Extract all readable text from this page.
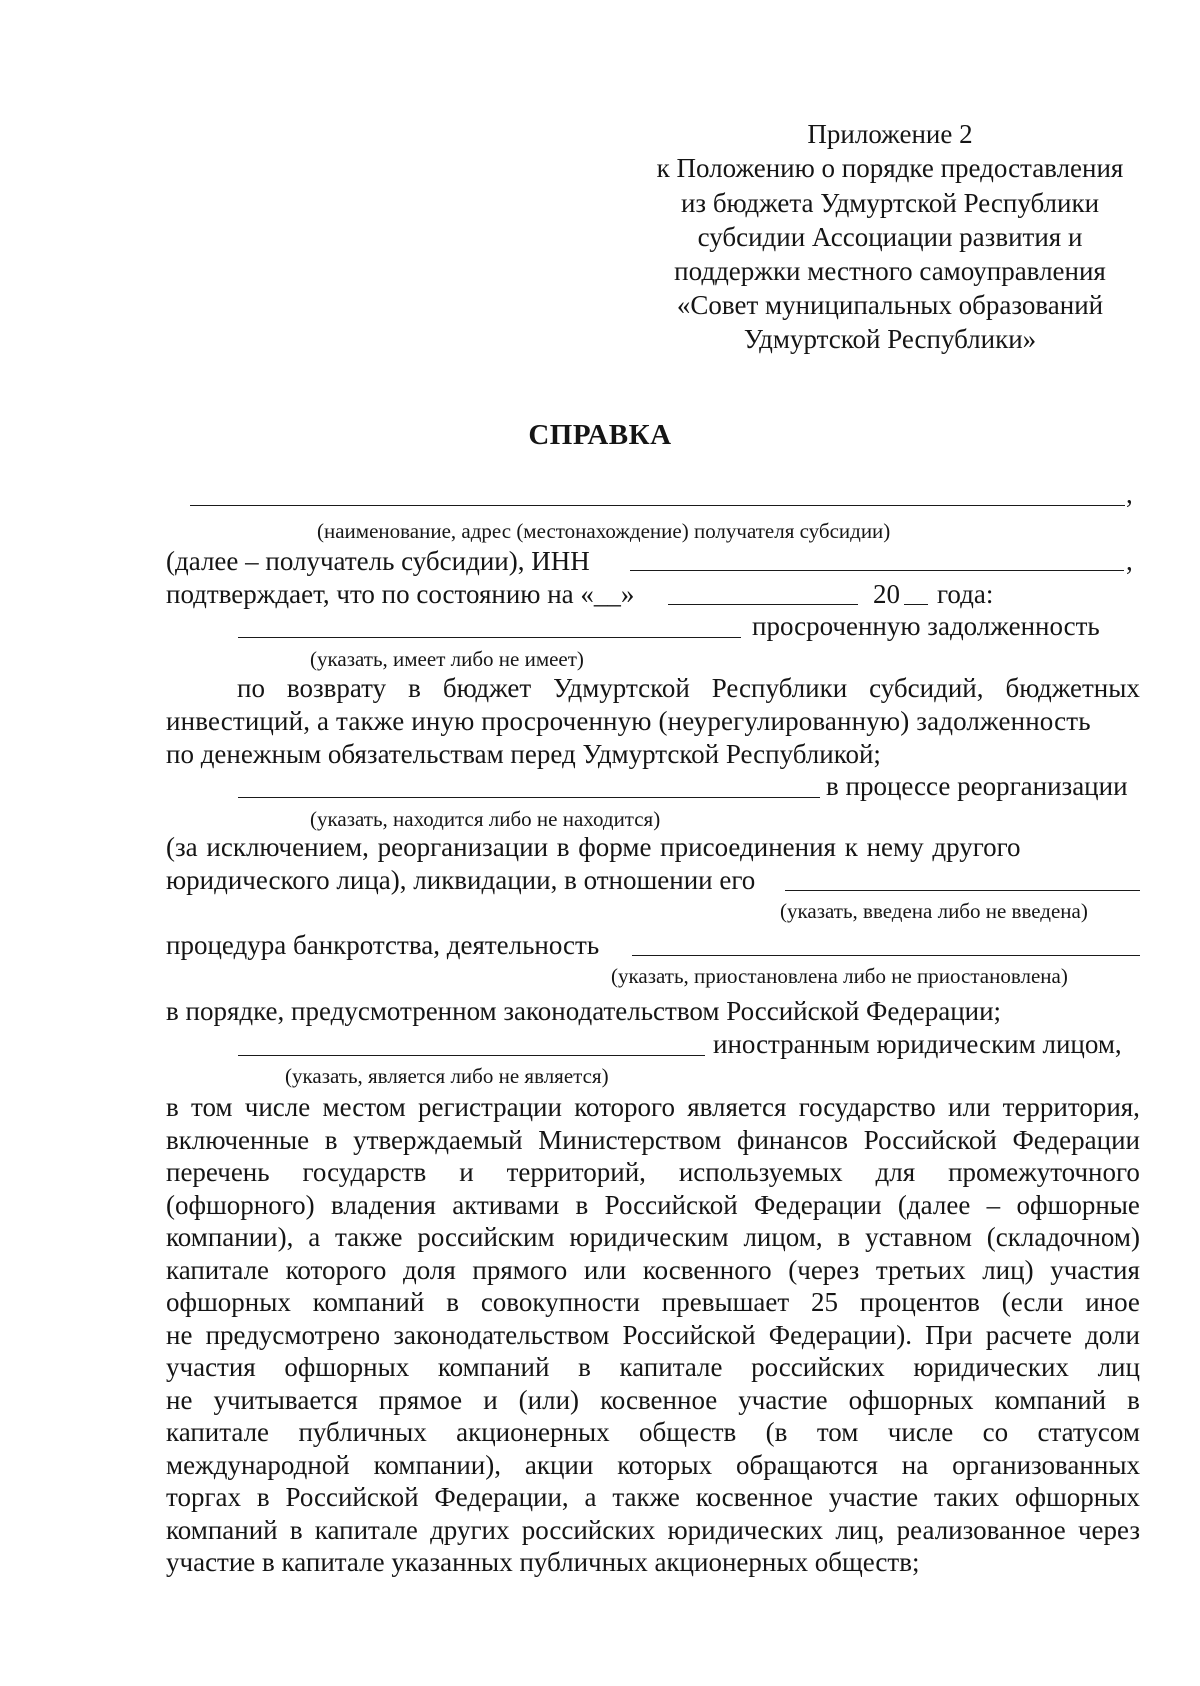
Приложение 2
к Положению о порядке предоставления
из бюджета Удмуртской Республики
субсидии Ассоциации развития и
поддержки местного самоуправления
«Совет муниципальных образований
Удмуртской Республики»
СПРАВКА
,
(наименование, адрес (местонахождение) получателя субсидии)
(далее – получатель субсидии), ИНН	,
подтверждает, что по состоянию на «__»	20 года:
просроченную задолженность
(указать, имеет либо не имеет)
по возврату в бюджет Удмуртской Республики субсидий, бюджетных
инвестиций, а также иную просроченную (неурегулированную) задолженность
по денежным обязательствам перед Удмуртской Республикой;
в процессе реорганизации
(указать, находится либо не находится)
(за исключением, реорганизации в форме присоединения к нему другого
юридического лица), ликвидации, в отношении его
(указать, введена либо не введена)
процедура банкротства, деятельность
(указать, приостановлена либо не приостановлена)
в порядке, предусмотренном законодательством Российской Федерации;
иностранным юридическим лицом,
(указать, является либо не является)
в том числе местом регистрации которого является государство или территория,
включенные в утверждаемый Министерством финансов Российской Федерации
перечень государств и территорий, используемых для промежуточного
(офшорного) владения активами в Российской Федерации (далее – офшорные
компании), а также российским юридическим лицом, в уставном (складочном)
капитале которого доля прямого или косвенного (через третьих лиц) участия
офшорных компаний в совокупности превышает 25 процентов (если иное
не предусмотрено законодательством Российской Федерации). При расчете доли
участия офшорных компаний в капитале российских юридических лиц
не учитывается прямое и (или) косвенное участие офшорных компаний в
капитале публичных акционерных обществ (в том числе со статусом
международной компании), акции которых обращаются на организованных
торгах в Российской Федерации, а также косвенное участие таких офшорных
компаний в капитале других российских юридических лиц, реализованное через
участие в капитале указанных публичных акционерных обществ;
